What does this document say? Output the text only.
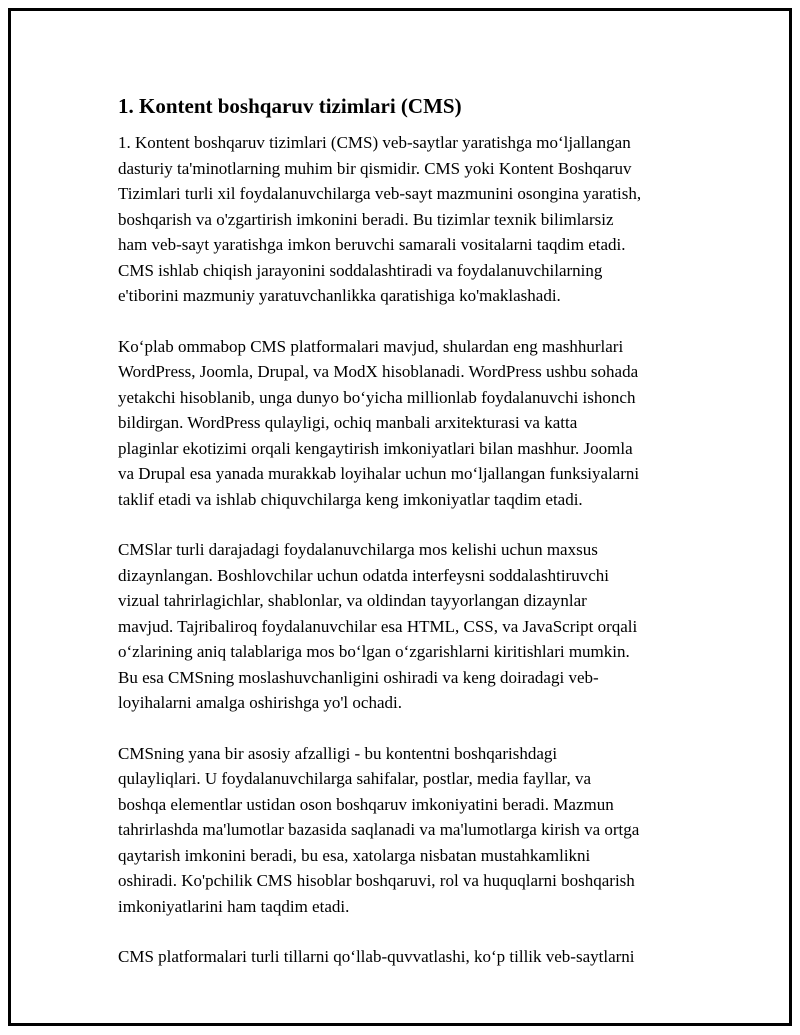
1. Kontent boshqaruv tizimlari (CMS)
1. Kontent boshqaruv tizimlari (CMS) veb-saytlar yaratishga mo‘ljallangan
dasturiy ta'minotlarning muhim bir qismidir. CMS yoki Kontent Boshqaruv
Tizimlari turli xil foydalanuvchilarga veb-sayt mazmunini osongina yaratish,
boshqarish va o'zgartirish imkonini beradi. Bu tizimlar texnik bilimlarsiz
ham veb-sayt yaratishga imkon beruvchi samarali vositalarni taqdim etadi.
CMS ishlab chiqish jarayonini soddalashtiradi va foydalanuvchilarning
e'tiborini mazmuniy yaratuvchanlikka qaratishiga ko'maklashadi.
Ko‘plab ommabop CMS platformalari mavjud, shulardan eng mashhurlari
WordPress, Joomla, Drupal, va ModX hisoblanadi. WordPress ushbu sohada
yetakchi hisoblanib, unga dunyo bo‘yicha millionlab foydalanuvchi ishonch
bildirgan. WordPress qulayligi, ochiq manbali arxitekturasi va katta
plaginlar ekotizimi orqali kengaytirish imkoniyatlari bilan mashhur. Joomla
va Drupal esa yanada murakkab loyihalar uchun mo‘ljallangan funksiyalarni
taklif etadi va ishlab chiquvchilarga keng imkoniyatlar taqdim etadi.
CMSlar turli darajadagi foydalanuvchilarga mos kelishi uchun maxsus
dizaynlangan. Boshlovchilar uchun odatda interfeysni soddalashtiruvchi
vizual tahrirlagichlar, shablonlar, va oldindan tayyorlangan dizaynlar
mavjud. Tajribaliroq foydalanuvchilar esa HTML, CSS, va JavaScript orqali
o‘zlarining aniq talablariga mos bo‘lgan o‘zgarishlarni kiritishlari mumkin.
Bu esa CMSning moslashuvchanligini oshiradi va keng doiradagi veb-
loyihalarni amalga oshirishga yo'l ochadi.
CMSning yana bir asosiy afzalligi - bu kontentni boshqarishdagi
qulayliqlari. U foydalanuvchilarga sahifalar, postlar, media fayllar, va
boshqa elementlar ustidan oson boshqaruv imkoniyatini beradi. Mazmun
tahrirlashda ma'lumotlar bazasida saqlanadi va ma'lumotlarga kirish va ortga
qaytarish imkonini beradi, bu esa, xatolarga nisbatan mustahkamlikni
oshiradi. Ko'pchilik CMS hisoblar boshqaruvi, rol va huquqlarni boshqarish
imkoniyatlarini ham taqdim etadi.
CMS platformalari turli tillarni qo‘llab-quvvatlashi, ko‘p tillik veb-saytlarni
